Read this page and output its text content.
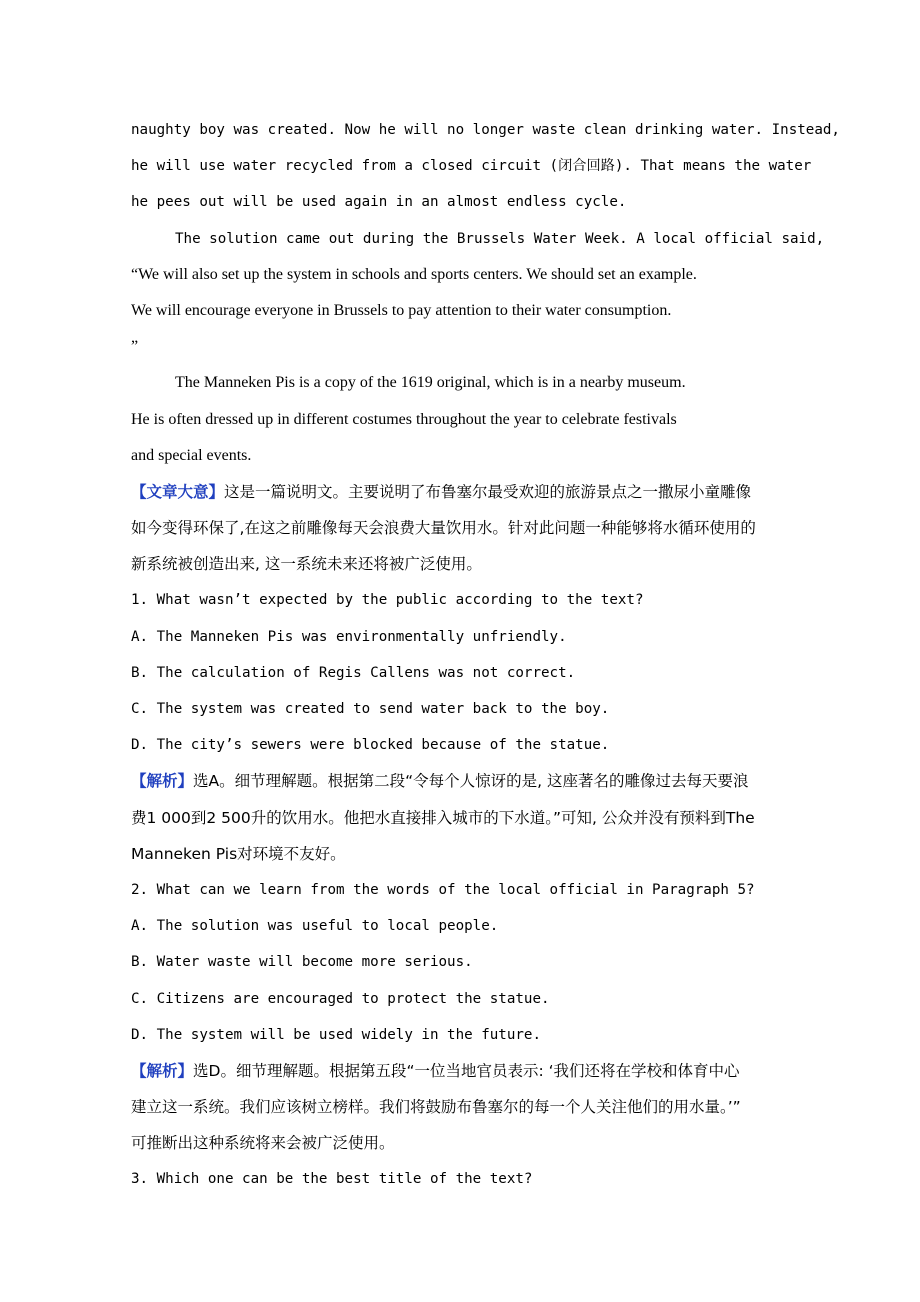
naughty boy was created. Now he will no longer waste clean drinking water. Instead,
he will use water recycled from a closed circuit (闭合回路). That means the water
he pees out will be used again in an almost endless cycle.
The solution came out during the Brussels Water Week. A local official said,
“We will also set up the system in schools and sports centers. We should set an example.
We will encourage everyone in Brussels to pay attention to their water consumption.
”
The Manneken Pis is a copy of the 1619 original, which is in a nearby museum.
He is often dressed up in different costumes throughout the year to celebrate festivals
and special events.
【文章大意】这是一篇说明文。主要说明了布鲁塞尔最受欢迎的旅游景点之一撒尿小童雕像
如今变得环保了,在这之前雕像每天会浪费大量饮用水。针对此问题一种能够将水循环使用的
新系统被创造出来, 这一系统未来还将被广泛使用。
1. What wasn’t expected by the public according to the text?
A. The Manneken Pis was environmentally unfriendly.
B. The calculation of Regis Callens was not correct.
C. The system was created to send water back to the boy.
D. The city’s sewers were blocked because of the statue.
【解析】选A。细节理解题。根据第二段“令每个人惊讶的是, 这座著名的雕像过去每天要浪
费1 000到2 500升的饮用水。他把水直接排入城市的下水道。”可知, 公众并没有预料到The
Manneken Pis对环境不友好。
2. What can we learn from the words of the local official in Paragraph 5?
A. The solution was useful to local people.
B. Water waste will become more serious.
C. Citizens are encouraged to protect the statue.
D. The system will be used widely in the future.
【解析】选D。细节理解题。根据第五段“一位当地官员表示: ‘我们还将在学校和体育中心
建立这一系统。我们应该树立榜样。我们将鼓励布鲁塞尔的每一个人关注他们的用水量。’”
可推断出这种系统将来会被广泛使用。
3. Which one can be the best title of the text?
